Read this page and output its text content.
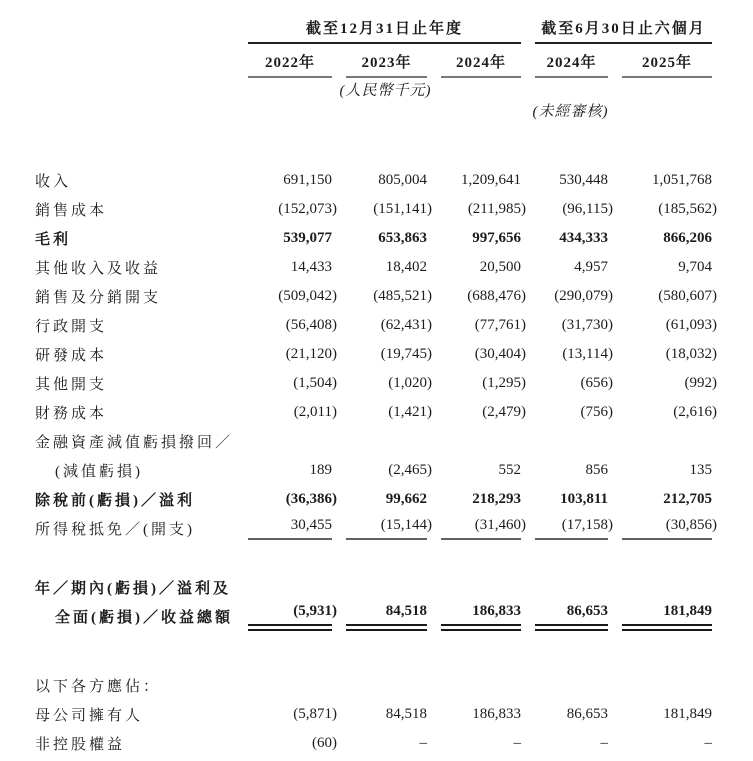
	截至12月31日止年度			截至6月30日止六個月	

	2022年	2023年	2024年	2024年	2025年

		(人民幣千元)			

				(未經審核)	

收入	691,150	805,004	1,209,641	530,448	1,051,768

銷售成本	(152,073)	(151,141)	(211,985)	(96,115)	(185,562)

毛利	539,077	653,863	997,656	434,333	866,206

其他收入及收益	14,433	18,402	20,500	4,957	9,704

銷售及分銷開支	(509,042)	(485,521)	(688,476)	(290,079)	(580,607)

行政開支	(56,408)	(62,431)	(77,761)	(31,730)	(61,093)

研發成本	(21,120)	(19,745)	(30,404)	(13,114)	(18,032)

其他開支	(1,504)	(1,020)	(1,295)	(656)	(992)

財務成本	(2,011)	(1,421)	(2,479)	(756)	(2,616)

金融資產減值虧損撥回／	

(減值虧損)	189	(2,465)	552	856	135

除稅前(虧損)／溢利	(36,386)	99,662	218,293	103,811	212,705

所得稅抵免／(開支)	30,455	(15,144)	(31,460)	(17,158)	(30,856)

年／期內(虧損)／溢利及	

全面(虧損)／收益總額	(5,931)	84,518	186,833	86,653	181,849

以下各方應佔：	

母公司擁有人	(5,871)	84,518	186,833	86,653	181,849

非控股權益	(60)	–	–	–	–
